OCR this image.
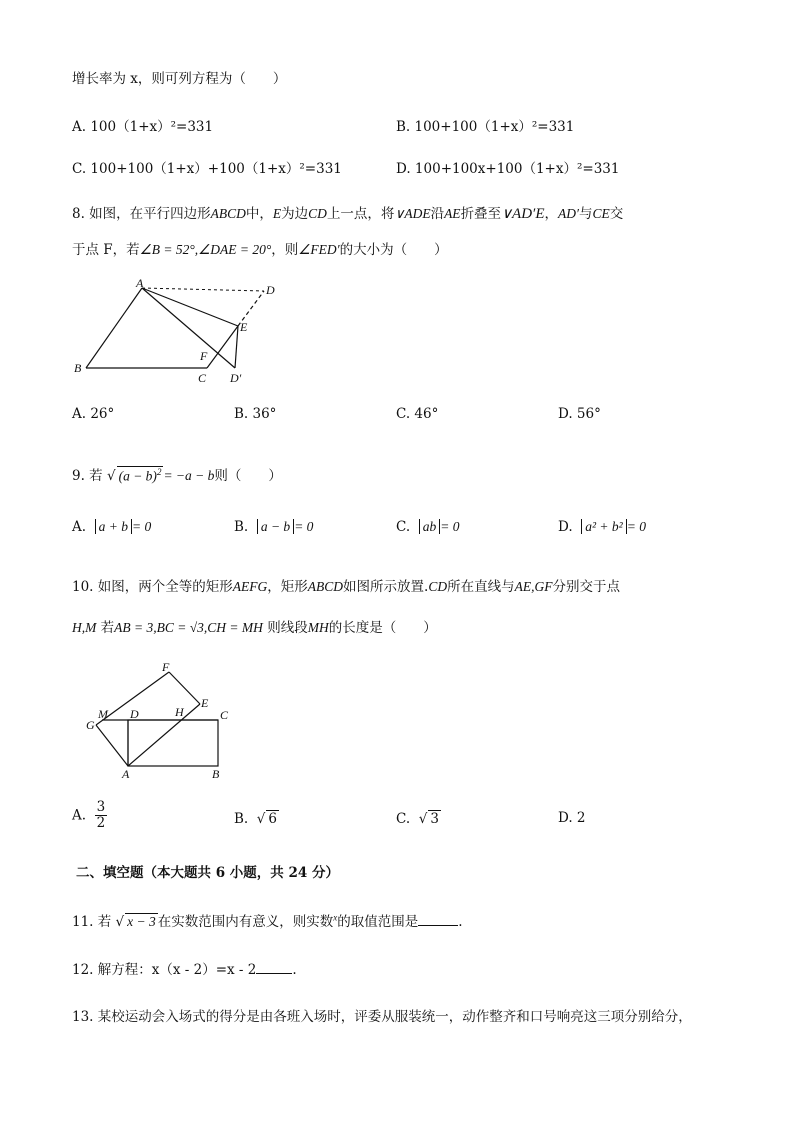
增长率为 x，则可列方程为（　　）
A. 100（1+x）²=331	B. 100+100（1+x）²=331
C. 100+100（1+x）+100（1+x）²=331	D. 100+100x+100（1+x）²=331
8. 如图，在平行四边形ABCD中，E为边CD上一点，将∨ADE沿AE折叠至∨AD′E，AD′与CE交
于点 F，若∠B = 52°,∠DAE = 20°，则∠FED′的大小为（　　）
A	D
E
F
B
C D′
A. 26°	B. 36°	C. 46°	D. 56°
9. 若 √ $(a - b)^2 = -a - b$则（　　）
A. a + b = 0	B. a − b = 0	C. ab = 0	D. a² + b² = 0
10. 如图，两个全等的矩形AEFG，矩形ABCD如图所示放置.CD所在直线与AE,GF分别交于点
H,M 若AB = 3,BC = √3,CH = MH 则线段MH的长度是（　　）
F
E
M D	H	C
G
A	B
A. $\frac{3}{2}$	B.  √ 6	C.  √ 3	D. 2
二、填空题（本大题共 6 小题，共 24 分）
11. 若 √ x − 3 在实数范围内有意义，则实数$^x$的取值范围是	.
12. 解方程：x（x - 2）=x - 2	.
13. 某校运动会入场式的得分是由各班入场时，评委从服装统一，动作整齐和口号响亮这三项分别给分，
